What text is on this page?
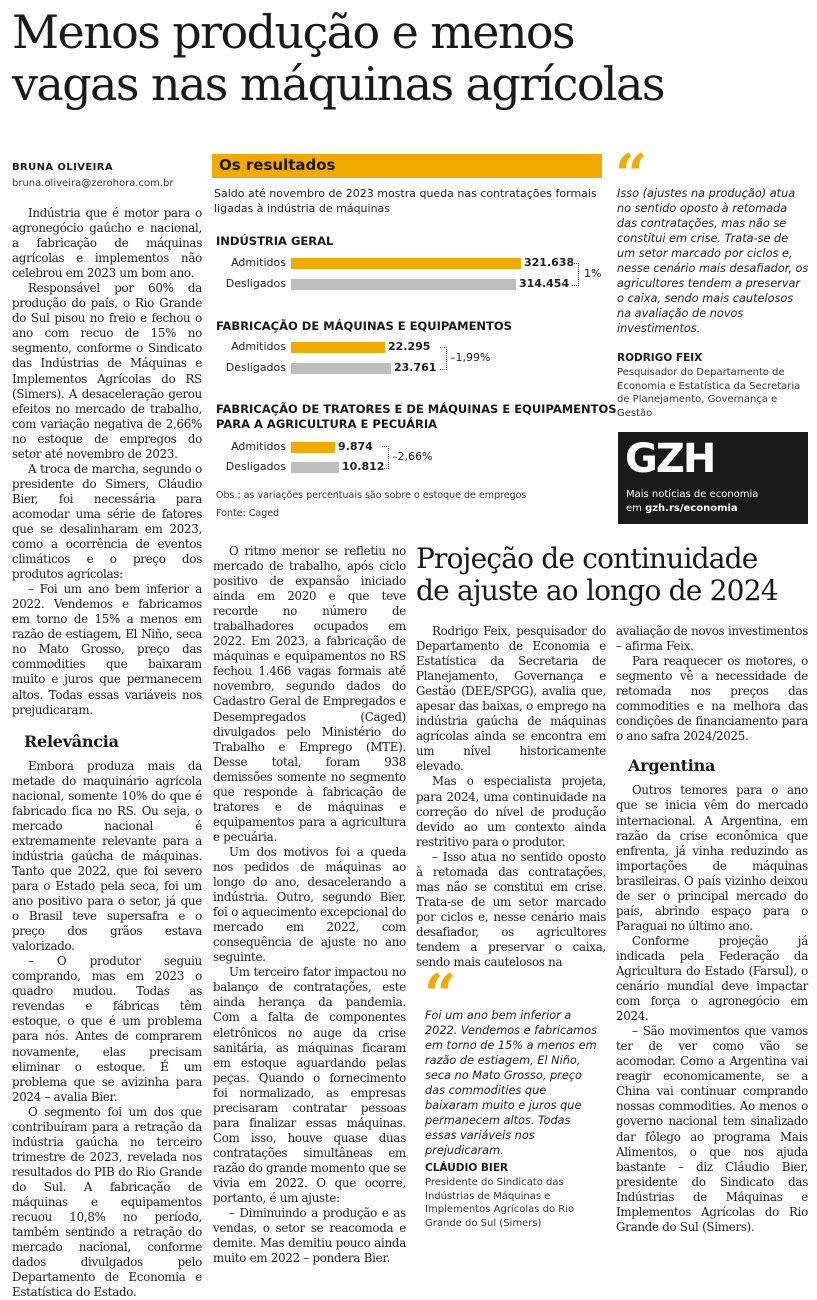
Menos produção e menos
vagas nas máquinas agrícolas
BRUNA OLIVEIRA
bruna.oliveira@zerohora.com.br

Indústria que é motor para o agronegócio gaúcho e nacional, a fabricação de máquinas agrícolas e implementos não celebrou em 2023 um bom ano.

Responsável por 60% da produção do país, o Rio Grande do Sul pisou no freio e fechou o ano com recuo de 15% no segmento, conforme o Sindicato das Indústrias de Máquinas e Implementos Agrícolas do RS (Simers). A desaceleração gerou efeitos no mercado de trabalho, com variação negativa de 2,66% no estoque de empregos do setor até novembro de 2023.

A troca de marcha, segundo o presidente do Simers, Cláudio Bier, foi necessária para acomodar uma série de fatores que se desalinharam em 2023, como a ocorrência de eventos climáticos e o preço dos produtos agrícolas:

– Foi um ano bem inferior a 2022. Vendemos e fabricamos em torno de 15% a menos em razão de estiagem, El Niño, seca no Mato Grosso, preço das commodities que baixaram muito e juros que permanecem altos. Todas essas variáveis nos prejudicaram.

Relevância

Embora produza mais da metade do maquinário agrícola nacional, somente 10% do que é fabricado fica no RS. Ou seja, o mercado nacional é extremamente relevante para a indústria gaúcha de máquinas. Tanto que 2022, que foi severo para o Estado pela seca, foi um ano positivo para o setor, já que o Brasil teve supersafra e o preço dos grãos estava valorizado.

– O produtor seguiu comprando, mas em 2023 o quadro mudou. Todas as revendas e fábricas têm estoque, o que é um problema para nós. Antes de comprarem novamente, elas precisam eliminar o estoque. É um problema que se avizinha para 2024 – avalia Bier.

O segmento foi um dos que contribuíram para a retração da indústria gaúcha no terceiro trimestre de 2023, revelada nos resultados do PIB do Rio Grande do Sul. A fabricação de máquinas e equipamentos recuou 10,8% no período, também sentindo a retração do mercado nacional, conforme dados divulgados pelo Departamento de Economia e Estatística do Estado.

Os resultados
Saldo até novembro de 2023 mostra queda nas contratações formais ligadas à indústria de máquinas
INDÚSTRIA GERAL
Admitidos	321.638
Desligados	314.454
1%
FABRICAÇÃO DE MÁQUINAS E EQUIPAMENTOS
Admitidos	22.295
Desligados	23.761
–1,99%
FABRICAÇÃO DE TRATORES E DE MÁQUINAS E EQUIPAMENTOS
PARA A AGRICULTURA E PECUÁRIA
Admitidos	9.874
Desligados	10.812
–2,66%
Obs.: as variações percentuais são sobre o estoque de empregos
Fonte: Caged

O ritmo menor se refletiu no mercado de trabalho, após ciclo positivo de expansão iniciado ainda em 2020 e que teve recorde no número de trabalhadores ocupados em 2022. Em 2023, a fabricação de máquinas e equipamentos no RS fechou 1.466 vagas formais até novembro, segundo dados do Cadastro Geral de Empregados e Desempregados (Caged) divulgados pelo Ministério do Trabalho e Emprego (MTE). Desse total, foram 938 demissões somente no segmento que responde à fabricação de tratores e de máquinas e equipamentos para a agricultura e pecuária.

Um dos motivos foi a queda nos pedidos de máquinas ao longo do ano, desacelerando a indústria. Outro, segundo Bier, foi o aquecimento excepcional do mercado em 2022, com consequência de ajuste no ano seguinte.

Um terceiro fator impactou no balanço de contratações, este ainda herança da pandemia. Com a falta de componentes eletrônicos no auge da crise sanitária, as máquinas ficaram em estoque aguardando pelas peças. Quando o fornecimento foi normalizado, as empresas precisaram contratar pessoas para finalizar essas máquinas. Com isso, houve quase duas contratações simultâneas em razão do grande momento que se vivia em 2022. O que ocorre, portanto, é um ajuste:

– Diminuindo a produção e as vendas, o setor se reacomoda e demite. Mas demitiu pouco ainda muito em 2022 – pondera Bier.

“
Isso (ajustes na produção) atua no sentido oposto à retomada das contratações, mas não se constitui em crise. Trata-se de um setor marcado por ciclos e, nesse cenário mais desafiador, os agricultores tendem a preservar o caixa, sendo mais cautelosos na avaliação de novos investimentos.
RODRIGO FEIX
Pesquisador do Departamento de Economia e Estatística da Secretaria de Planejamento, Governança e Gestão
GZH
Mais notícias de economia
em gzh.rs/economia
Projeção de continuidade
de ajuste ao longo de 2024

Rodrigo Feix, pesquisador do Departamento de Economia e Estatística da Secretaria de Planejamento, Governança e Gestão (DEE/SPGG), avalia que, apesar das baixas, o emprego na indústria gaúcha de máquinas agrícolas ainda se encontra em um nível historicamente elevado.

Mas o especialista projeta, para 2024, uma continuidade na correção do nível de produção devido ao um contexto ainda restritivo para o produtor.

– Isso atua no sentido oposto à retomada das contratações, mas não se constitui em crise. Trata-se de um setor marcado por ciclos e, nesse cenário mais desafiador, os agricultores tendem a preservar o caixa, sendo mais cautelosos na

“
Foi um ano bem inferior a 2022. Vendemos e fabricamos em torno de 15% a menos em razão de estiagem, El Niño, seca no Mato Grosso, preço das commodities que baixaram muito e juros que permanecem altos. Todas essas variáveis nos prejudicaram.
CLÁUDIO BIER
Presidente do Sindicato das Indústrias de Máquinas e Implementos Agrícolas do Rio Grande do Sul (Simers)

avaliação de novos investimentos – afirma Feix.

Para reaquecer os motores, o segmento vê a necessidade de retomada nos preços das commodities e na melhora das condições de financiamento para o ano safra 2024/2025.

Argentina

Outros temores para o ano que se inicia vêm do mercado internacional. A Argentina, em razão da crise econômica que enfrenta, já vinha reduzindo as importações de máquinas brasileiras. O país vizinho deixou de ser o principal mercado do país, abrindo espaço para o Paraguai no último ano.

Conforme projeção já indicada pela Federação da Agricultura do Estado (Farsul), o cenário mundial deve impactar com força o agronegócio em 2024.

– São movimentos que vamos ter de ver como vão se acomodar. Como a Argentina vai reagir economicamente, se a China vai continuar comprando nossas commodities. Ao menos o governo nacional tem sinalizado dar fôlego ao programa Mais Alimentos, o que nos ajuda bastante – diz Cláudio Bier, presidente do Sindicato das Indústrias de Máquinas e Implementos Agrícolas do Rio Grande do Sul (Simers).
